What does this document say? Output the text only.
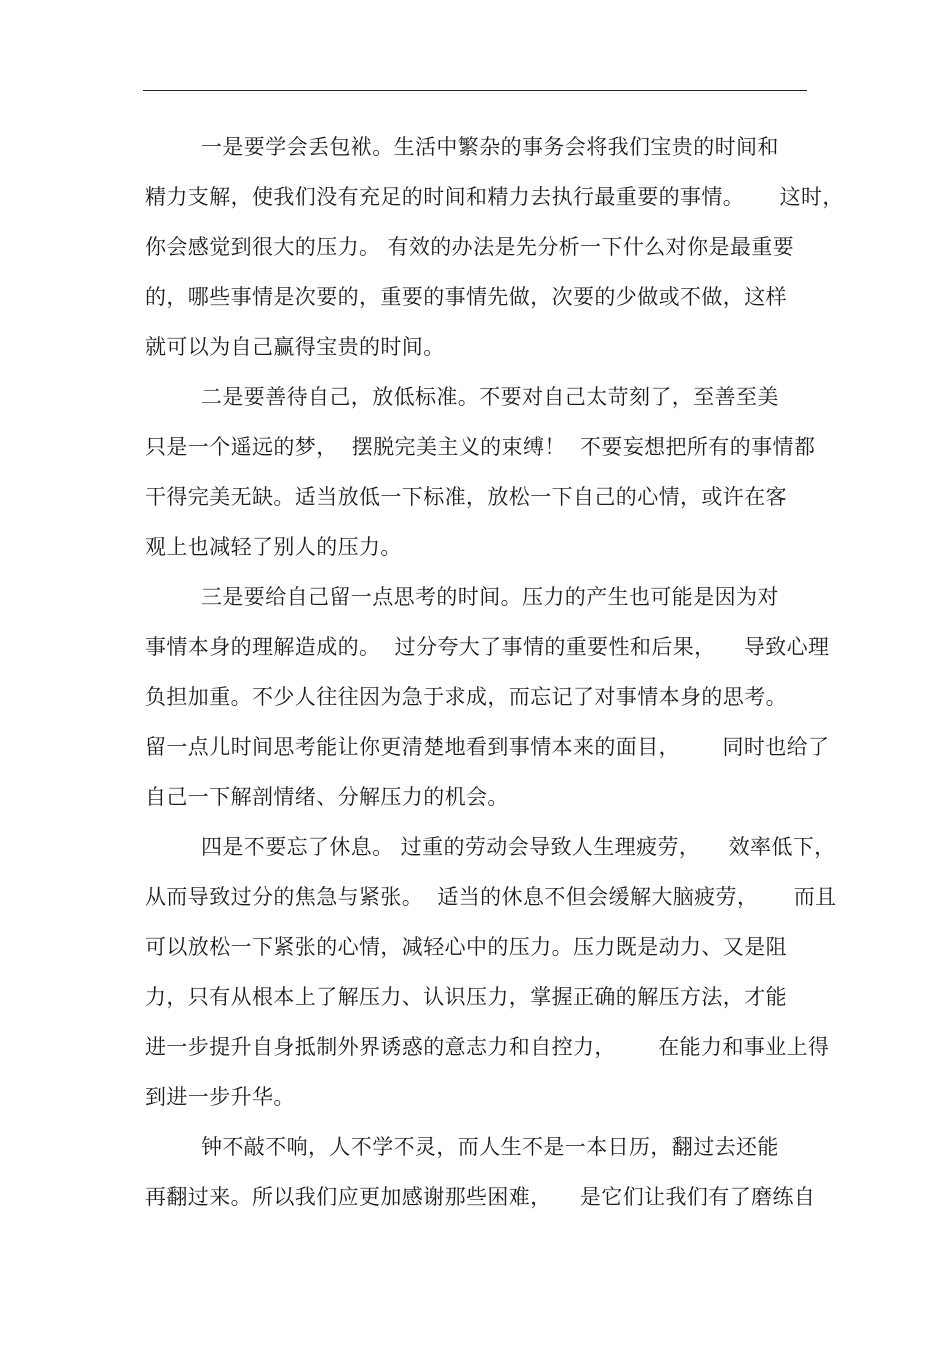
一是要学会丢包袱。生活中繁杂的事务会将我们宝贵的时间和
精力支解，使我们没有充足的时间和精力去执行最重要的事情。     这时，
你会感觉到很大的压力。 有效的办法是先分析一下什么对你是最重要
的，哪些事情是次要的，重要的事情先做，次要的少做或不做，这样
就可以为自己赢得宝贵的时间。
二是要善待自己，放低标准。不要对自己太苛刻了，至善至美
只是一个遥远的梦，  摆脱完美主义的束缚！  不要妄想把所有的事情都
干得完美无缺。适当放低一下标准，放松一下自己的心情，或许在客
观上也减轻了别人的压力。
三是要给自己留一点思考的时间。压力的产生也可能是因为对
事情本身的理解造成的。  过分夸大了事情的重要性和后果，    导致心理
负担加重。不少人往往因为急于求成，而忘记了对事情本身的思考。
留一点儿时间思考能让你更清楚地看到事情本来的面目，      同时也给了
自己一下解剖情绪、分解压力的机会。
四是不要忘了休息。 过重的劳动会导致人生理疲劳，    效率低下，
从而导致过分的焦急与紧张。  适当的休息不但会缓解大脑疲劳，     而且
可以放松一下紧张的心情，减轻心中的压力。压力既是动力、又是阻
力，只有从根本上了解压力、认识压力，掌握正确的解压方法，才能
进一步提升自身抵制外界诱惑的意志力和自控力，      在能力和事业上得
到进一步升华。
钟不敲不响，人不学不灵，而人生不是一本日历，翻过去还能
再翻过来。所以我们应更加感谢那些困难，    是它们让我们有了磨练自
